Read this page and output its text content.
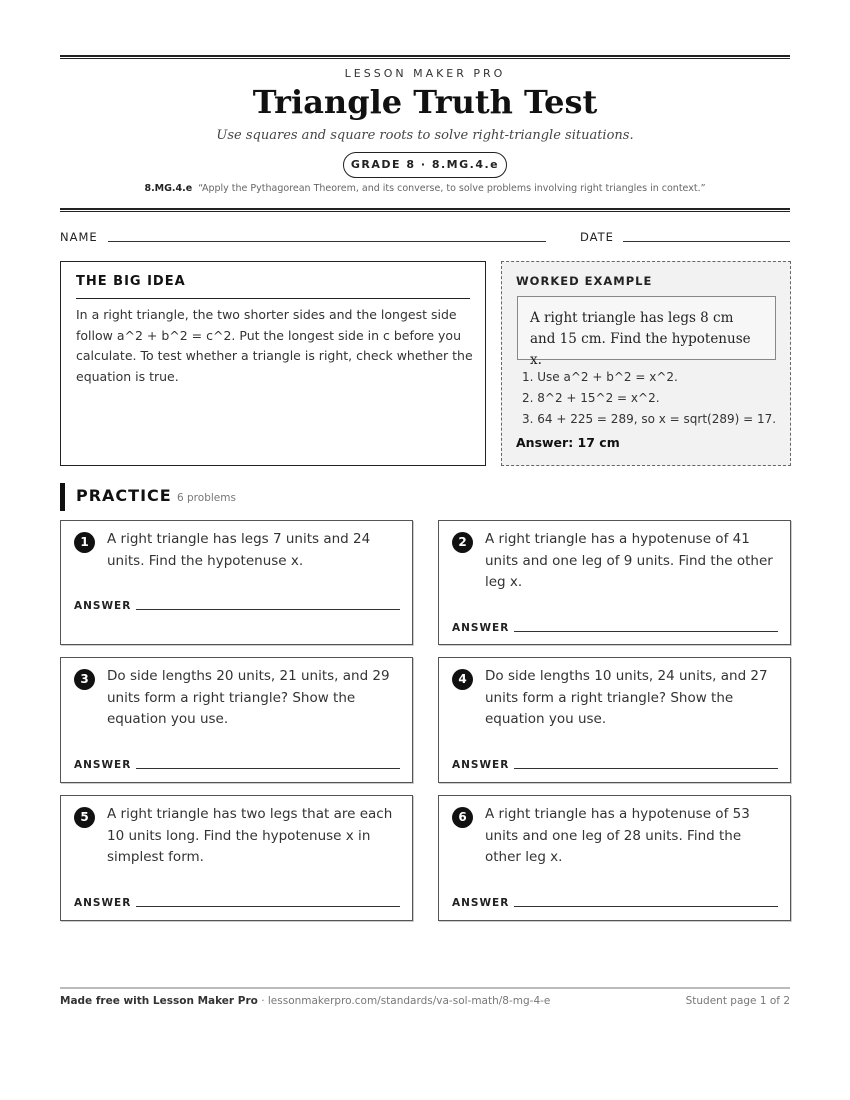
LESSON MAKER PRO
Triangle Truth Test
Use squares and square roots to solve right-triangle situations.
GRADE 8 · 8.MG.4.e
8.MG.4.e “Apply the Pythagorean Theorem, and its converse, to solve problems involving right triangles in context.”
NAME	DATE
THE BIG IDEA
In a right triangle, the two shorter sides and the longest side follow a^2 + b^2 = c^2. Put the longest side in c before you calculate. To test whether a triangle is right, check whether the equation is true.
WORKED EXAMPLE
A right triangle has legs 8 cm and 15 cm. Find the hypotenuse x.
1. Use a^2 + b^2 = x^2.
2. 8^2 + 15^2 = x^2.
3. 64 + 225 = 289, so x = sqrt(289) = 17.
Answer: 17 cm
PRACTICE 6 problems
1	A right triangle has legs 7 units and 24 units. Find the hypotenuse x.
ANSWER
2	A right triangle has a hypotenuse of 41 units and one leg of 9 units. Find the other leg x.
ANSWER
3	Do side lengths 20 units, 21 units, and 29 units form a right triangle? Show the equation you use.
ANSWER
4	Do side lengths 10 units, 24 units, and 27 units form a right triangle? Show the equation you use.
ANSWER
5	A right triangle has two legs that are each 10 units long. Find the hypotenuse x in simplest form.
ANSWER
6	A right triangle has a hypotenuse of 53 units and one leg of 28 units. Find the other leg x.
ANSWER
Made free with Lesson Maker Pro · lessonmakerpro.com/standards/va-sol-math/8-mg-4-e	Student page 1 of 2
